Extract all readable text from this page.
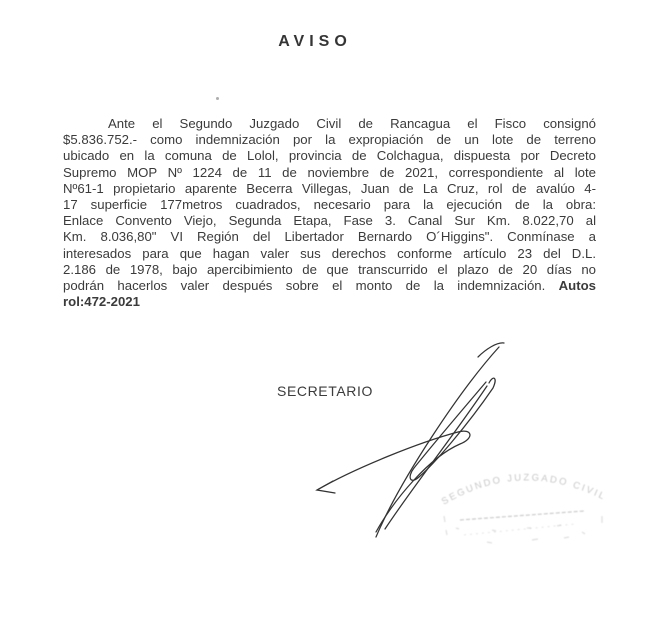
AVISO
Ante el Segundo Juzgado Civil de Rancagua el Fisco consignó
$5.836.752.- como indemnización por la expropiación de un lote de terreno
ubicado en la comuna de Lolol, provincia de Colchagua, dispuesta por Decreto
Supremo MOP Nº 1224 de 11 de noviembre de 2021, correspondiente al lote
Nº61-1 propietario aparente Becerra Villegas, Juan de La Cruz, rol de avalúo 4-
17 superficie 177metros cuadrados, necesario para la ejecución de la obra:
Enlace Convento Viejo, Segunda Etapa, Fase 3. Canal Sur Km. 8.022,70 al
Km. 8.036,80" VI Región del Libertador Bernardo O´Higgins". Conmínase a
interesados para que hagan valer sus derechos conforme artículo 23 del D.L.
2.186 de 1978, bajo apercibimiento de que transcurrido el plazo de 20 días no
podrán hacerlos valer después sobre el monto de la indemnización. Autos
rol:472-2021
SECRETARIO
SEGUNDO JUZGADO CIVIL
